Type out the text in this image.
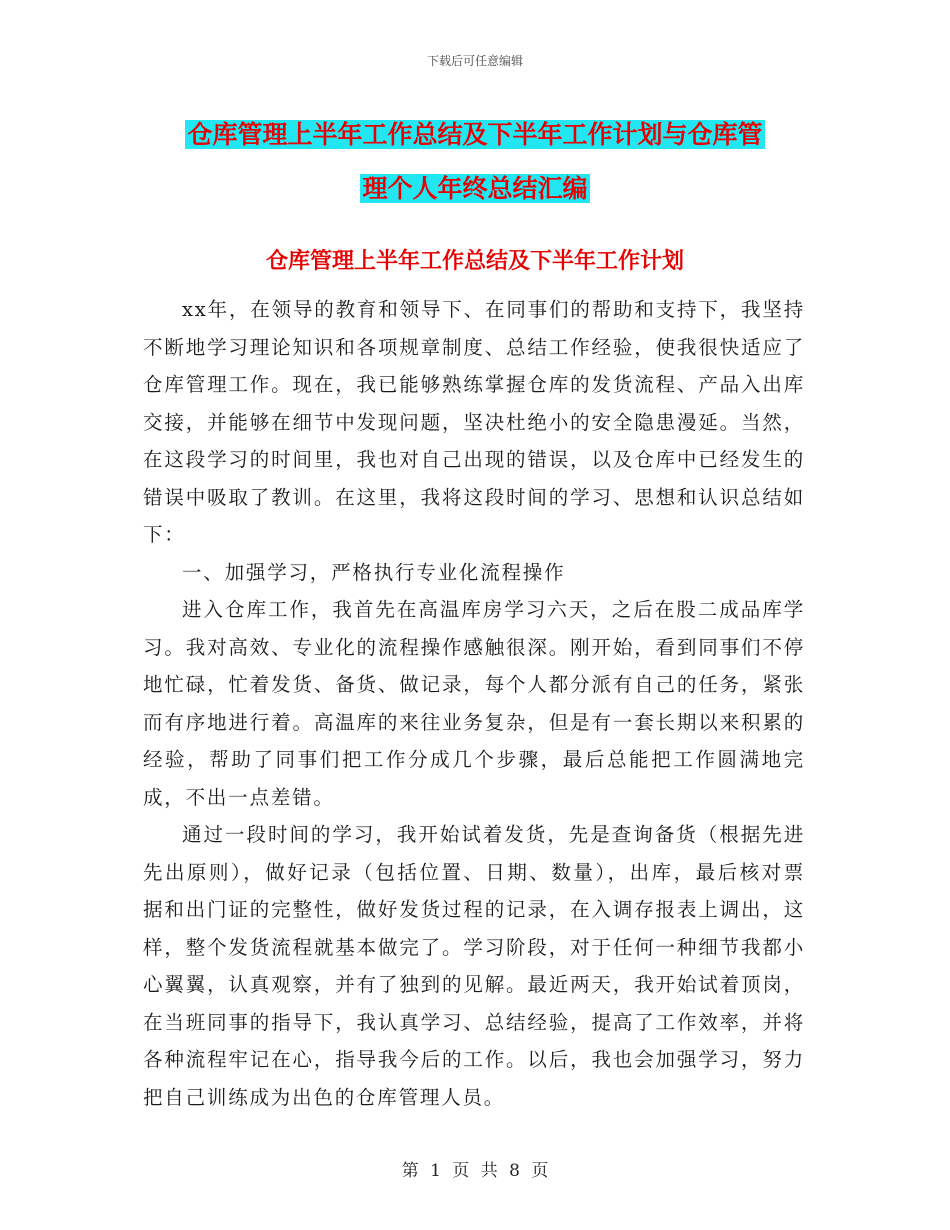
下载后可任意编辑
仓库管理上半年工作总结及下半年工作计划与仓库管
理个人年终总结汇编
仓库管理上半年工作总结及下半年工作计划

xx年，在领导的教育和领导下、在同事们的帮助和支持下，我坚持不断地学习理论知识和各项规章制度、总结工作经验，使我很快适应了仓库管理工作。现在，我已能够熟练掌握仓库的发货流程、产品入出库交接，并能够在细节中发现问题，坚决杜绝小的安全隐患漫延。当然，在这段学习的时间里，我也对自己出现的错误，以及仓库中已经发生的错误中吸取了教训。在这里，我将这段时间的学习、思想和认识总结如下：

一、加强学习，严格执行专业化流程操作

进入仓库工作，我首先在高温库房学习六天，之后在股二成品库学习。我对高效、专业化的流程操作感触很深。刚开始，看到同事们不停地忙碌，忙着发货、备货、做记录，每个人都分派有自己的任务，紧张而有序地进行着。高温库的来往业务复杂，但是有一套长期以来积累的经验，帮助了同事们把工作分成几个步骤，最后总能把工作圆满地完成，不出一点差错。

通过一段时间的学习，我开始试着发货，先是查询备货（根据先进先出原则），做好记录（包括位置、日期、数量），出库，最后核对票据和出门证的完整性，做好发货过程的记录，在入调存报表上调出，这样，整个发货流程就基本做完了。学习阶段，对于任何一种细节我都小心翼翼，认真观察，并有了独到的见解。最近两天，我开始试着顶岗，在当班同事的指导下，我认真学习、总结经验，提高了工作效率，并将各种流程牢记在心，指导我今后的工作。以后，我也会加强学习，努力把自己训练成为出色的仓库管理人员。

第 1 页 共 8 页
